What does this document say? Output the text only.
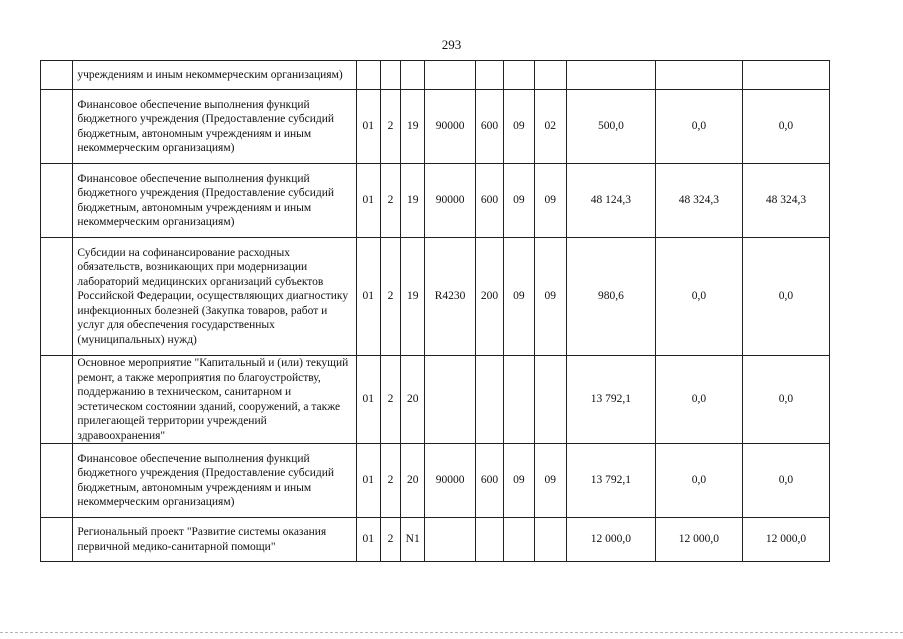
293
	учреждениям и иным некоммерческим организациям)										
	Финансовое обеспечение выполнения функций бюджетного учреждения (Предоставление субсидий бюджетным, автономным учреждениям и иным некоммерческим организациям)	01	2	19	90000	600	09	02	500,0	0,0	0,0
	Финансовое обеспечение выполнения функций бюджетного учреждения (Предоставление субсидий бюджетным, автономным учреждениям и иным некоммерческим организациям)	01	2	19	90000	600	09	09	48 124,3	48 324,3	48 324,3
	Субсидии на софинансирование расходных обязательств, возникающих при модернизации лабораторий медицинских организаций субъектов Российской Федерации, осуществляющих диагностику инфекционных болезней (Закупка товаров, работ и услуг для обеспечения государственных (муниципальных) нужд)	01	2	19	R4230	200	09	09	980,6	0,0	0,0
	Основное мероприятие "Капитальный и (или) текущий ремонт, а также мероприятия по благоустройству, поддержанию в техническом, санитарном и эстетическом состоянии зданий, сооружений, а также прилегающей территории учреждений здравоохранения"	01	2	20					13 792,1	0,0	0,0
	Финансовое обеспечение выполнения функций бюджетного учреждения (Предоставление субсидий бюджетным, автономным учреждениям и иным некоммерческим организациям)	01	2	20	90000	600	09	09	13 792,1	0,0	0,0
	Региональный проект "Развитие системы оказания первичной медико-санитарной помощи"	01	2	N1					12 000,0	12 000,0	12 000,0
